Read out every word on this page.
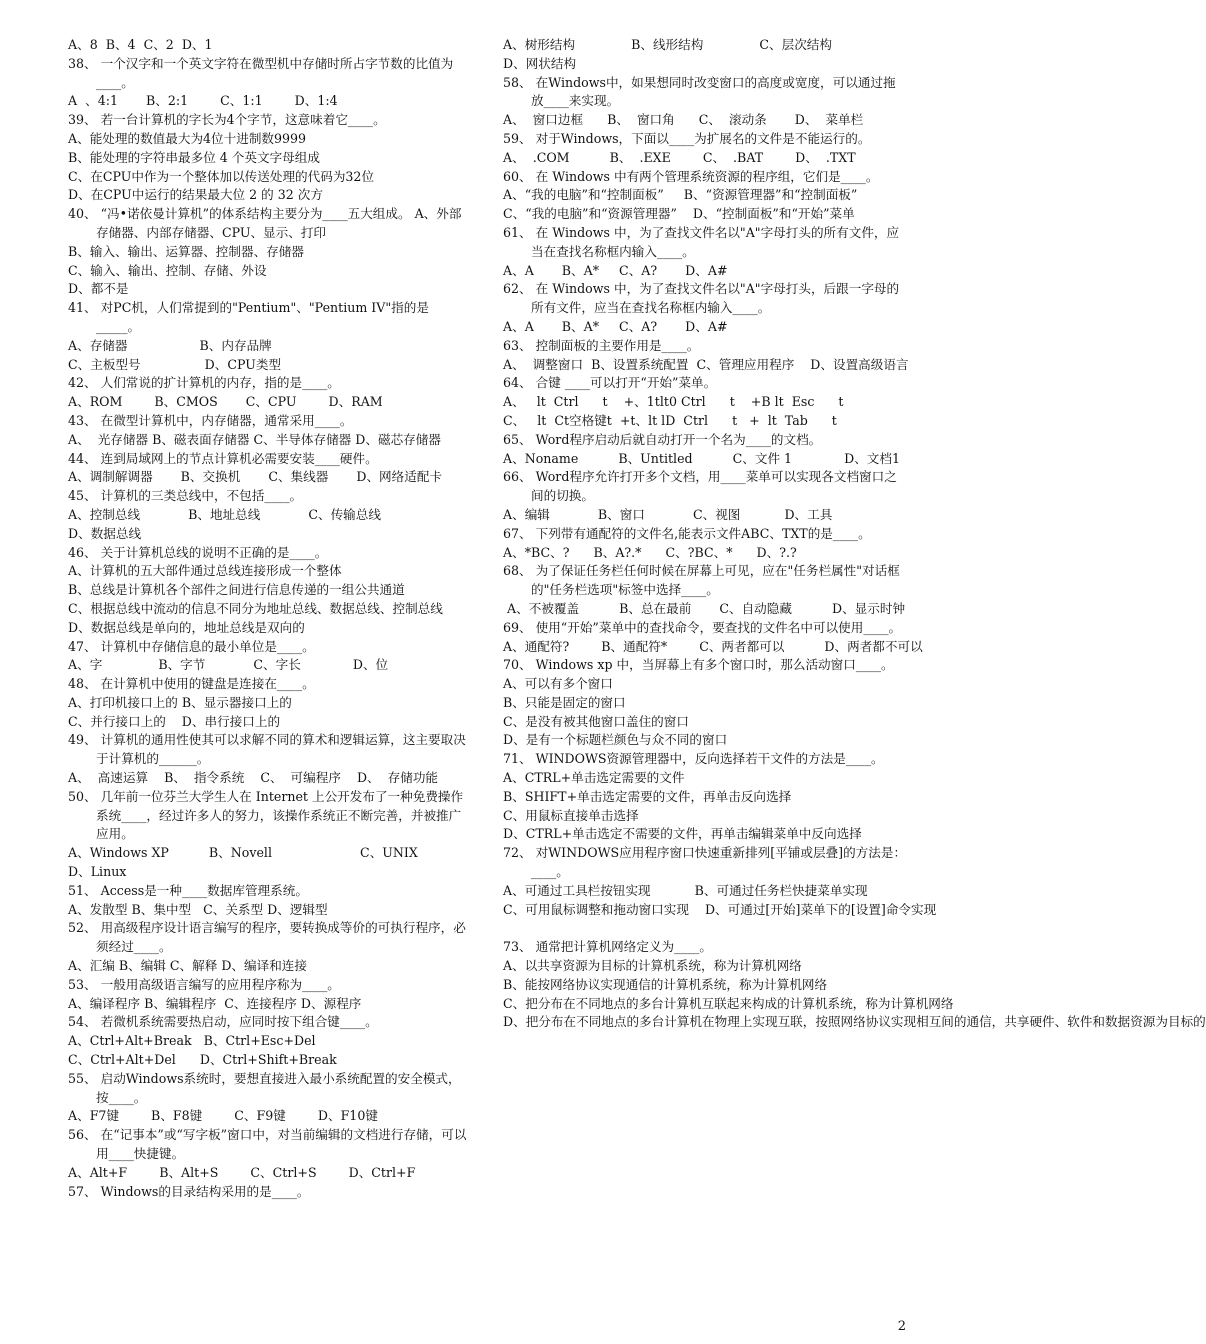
A、8  B、4  C、2  D、1
38、 一个汉字和一个英文字符在微型机中存储时所占字节数的比值为____。
A  、4:1       B、2:1        C、1:1        D、1:4
39、 若一台计算机的字长为4个字节，这意味着它____。
A、能处理的数值最大为4位十进制数9999
B、能处理的字符串最多位 4 个英文字母组成
C、在CPU中作为一个整体加以传送处理的代码为32位
D、在CPU中运行的结果最大位 2 的 32 次方
40、 “冯•诺依曼计算机”的体系结构主要分为____五大组成。 A、外部存储器、内部存储器、CPU、显示、打印
B、输入、输出、运算器、控制器、存储器
C、输入、输出、控制、存储、外设
D、都不是
41、 对PC机，人们常提到的"Pentium"、"Pentium IV"指的是_____。
A、存储器                  B、内存品牌
C、主板型号                D、CPU类型
42、 人们常说的扩计算机的内存，指的是____。
A、ROM        B、CMOS       C、CPU        D、RAM
43、 在微型计算机中，内存储器，通常采用____。
A、  光存储器 B、磁表面存储器 C、半导体存储器 D、磁芯存储器
44、 连到局域网上的节点计算机必需要安装____硬件。
A、调制解调器       B、交换机       C、集线器       D、网络适配卡
45、 计算机的三类总线中，不包括____。
A、控制总线            B、地址总线            C、传输总线
D、数据总线
46、 关于计算机总线的说明不正确的是____。
A、计算机的五大部件通过总线连接形成一个整体
B、总线是计算机各个部件之间进行信息传递的一组公共通道
C、根据总线中流动的信息不同分为地址总线、数据总线、控制总线
D、数据总线是单向的，地址总线是双向的
47、 计算机中存储信息的最小单位是____。
A、字              B、字节            C、字长             D、位
48、 在计算机中使用的键盘是连接在____。
A、打印机接口上的 B、显示器接口上的
C、并行接口上的    D、串行接口上的
49、 计算机的通用性使其可以求解不同的算术和逻辑运算，这主要取决于计算机的______。
A、  高速运算    B、  指令系统    C、  可编程序    D、  存储功能
50、 几年前一位芬兰大学生人在 Internet 上公开发布了一种免费操作系统____，经过许多人的努力，该操作系统正不断完善，并被推广应用。
A、Windows XP          B、Novell                      C、UNIX
D、Linux
51、 Access是一种____数据库管理系统。
A、发散型 B、集中型   C、关系型 D、逻辑型
52、 用高级程序设计语言编写的程序，要转换成等价的可执行程序，必须经过____。
A、汇编 B、编辑 C、解释 D、编译和连接
53、 一般用高级语言编写的应用程序称为____。
A、编译程序 B、编辑程序  C、连接程序 D、源程序
54、 若微机系统需要热启动，应同时按下组合键____。
A、Ctrl+Alt+Break   B、Ctrl+Esc+Del
C、Ctrl+Alt+Del      D、Ctrl+Shift+Break
55、 启动Windows系统时，要想直接进入最小系统配置的安全模式，按____。
A、F7键        B、F8键        C、F9键        D、F10键
56、 在“记事本”或“写字板”窗口中，对当前编辑的文档进行存储，可以用____快捷键。
A、Alt+F        B、Alt+S        C、Ctrl+S        D、Ctrl+F
57、 Windows的目录结构采用的是____。
A、树形结构              B、线形结构              C、层次结构
D、网状结构
58、 在Windows中，如果想同时改变窗口的高度或宽度，可以通过拖放____来实现。
A、  窗口边框      B、  窗口角      C、  滚动条       D、  菜单栏
59、 对于Windows，下面以____为扩展名的文件是不能运行的。
A、  .COM          B、  .EXE        C、  .BAT        D、  .TXT
60、 在 Windows 中有两个管理系统资源的程序组，它们是____。
A、“我的电脑”和“控制面板”     B、“资源管理器”和“控制面板”
C、“我的电脑”和“资源管理器”    D、“控制面板”和“开始”菜单
61、 在 Windows 中，为了查找文件名以"A"字母打头的所有文件，应当在查找名称框内输入____。
A、A       B、A*     C、A?       D、A#
62、 在 Windows 中，为了查找文件名以"A"字母打头，后跟一字母的所有文件，应当在查找名称框内输入____。
A、A       B、A*     C、A?       D、A#
63、 控制面板的主要作用是____。
A、  调整窗口  B、设置系统配置  C、管理应用程序    D、设置高级语言
64、 合键 ____可以打开“开始”菜单。
A、   lt  Ctrl      t    +、1tlt0 Ctrl      t    +B lt  Esc      t
C、   lt  Ct空格键t  +t、lt lD  Ctrl      t   +  lt  Tab      t
65、 Word程序启动后就自动打开一个名为____的文档。
A、Noname          B、Untitled          C、文件 1             D、文档1
66、 Word程序允许打开多个文档，用____菜单可以实现各文档窗口之间的切换。
A、编辑            B、窗口            C、视图           D、工具
67、 下列带有通配符的文件名,能表示文件ABC、TXT的是____。
A、*BC、?      B、A?.*      C、?BC、*      D、?.?
68、 为了保证任务栏任何时候在屏幕上可见，应在"任务栏属性"对话框的"任务栏选项"标签中选择____。
A、不被覆盖          B、总在最前       C、自动隐藏          D、显示时钟
69、 使用“开始”菜单中的查找命令，要查找的文件名中可以使用____。
A、通配符?        B、通配符*        C、两者都可以          D、两者都不可以
70、 Windows xp 中，当屏幕上有多个窗口时，那么活动窗口____。
A、可以有多个窗口
B、只能是固定的窗口
C、是没有被其他窗口盖住的窗口
D、是有一个标题栏颜色与众不同的窗口
71、 WINDOWS资源管理器中，反向选择若干文件的方法是____。
A、CTRL+单击选定需要的文件
B、SHIFT+单击选定需要的文件，再单击反向选择
C、用鼠标直接单击选择
D、CTRL+单击选定不需要的文件，再单击编辑菜单中反向选择
72、 对WINDOWS应用程序窗口快速重新排列[平铺或层叠]的方法是：____。
A、可通过工具栏按钮实现           B、可通过任务栏快捷菜单实现
C、可用鼠标调整和拖动窗口实现    D、可通过[开始]菜单下的[设置]命令实现
73、 通常把计算机网络定义为____。
A、以共享资源为目标的计算机系统，称为计算机网络
B、能按网络协议实现通信的计算机系统，称为计算机网络
C、把分布在不同地点的多台计算机互联起来构成的计算机系统，称为计算机网络
D、把分布在不同地点的多台计算机在物理上实现互联，按照网络协议实现相互间的通信，共享硬件、软件和数据资源为目标的
2
